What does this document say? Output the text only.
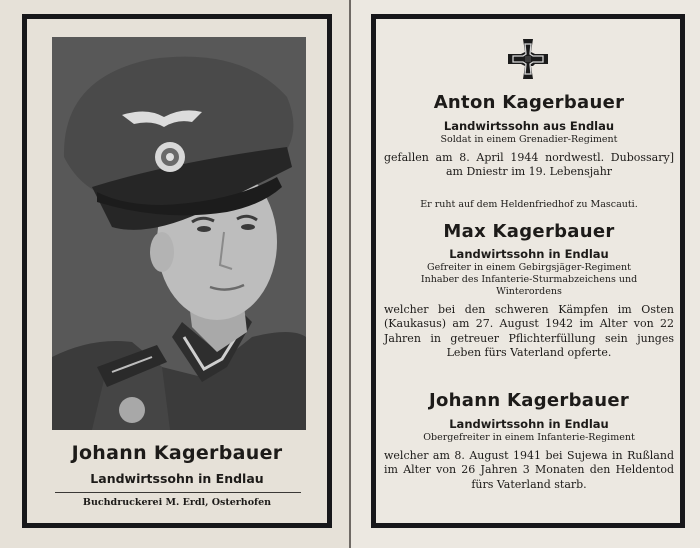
Johann Kagerbauer
Landwirtssohn in Endlau
Buchdruckerei M. Erdl, Osterhofen
Anton Kagerbauer
Landwirtssohn aus Endlau
Soldat in einem Grenadier-Regiment
gefallen am 8. April 1944 nordwestl. Dubossary] am Dniestr im 19. Lebensjahr
Er ruht auf dem Heldenfriedhof zu Mascauti.
Max Kagerbauer
Landwirtssohn in Endlau
Gefreiter in einem Gebirgsjäger-Regiment
Inhaber des Infanterie-Sturmabzeichens und
Winterordens
welcher bei den schweren Kämpfen im Osten (Kaukasus) am 27. August 1942 im Alter von 22 Jahren in getreuer Pflichterfüllung sein junges Leben fürs Vaterland opferte.
Johann Kagerbauer
Landwirtssohn in Endlau
Obergefreiter in einem Infanterie-Regiment
welcher am 8. August 1941 bei Sujewa in Rußland im Alter von 26 Jahren 3 Monaten den Heldentod fürs Vaterland starb.
